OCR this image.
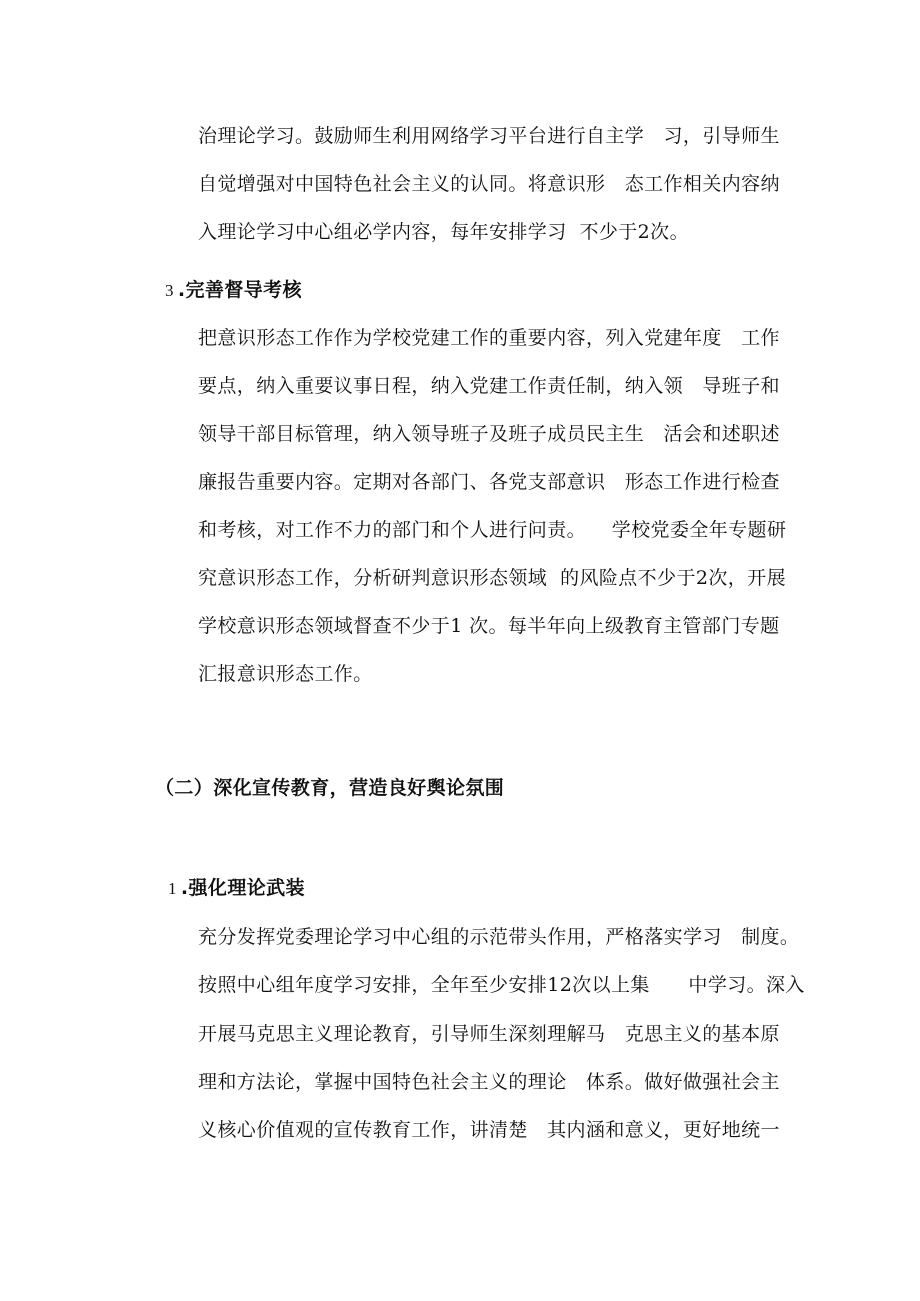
治理论学习。鼓励师生利用网络学习平台进行自主学   习，引导师生
自觉增强对中国特色社会主义的认同。将意识形   态工作相关内容纳
入理论学习中心组必学内容，每年安排学习  不少于2次。
3 .完善督导考核
把意识形态工作作为学校党建工作的重要内容，列入党建年度   工作
要点，纳入重要议事日程，纳入党建工作责任制，纳入领   导班子和
领导干部目标管理，纳入领导班子及班子成员民主生   活会和述职述
廉报告重要内容。定期对各部门、各党支部意识   形态工作进行检查
和考核，对工作不力的部门和个人进行问责。    学校党委全年专题研
究意识形态工作，分析研判意识形态领域  的风险点不少于2次，开展
学校意识形态领域督查不少于1 次。每半年向上级教育主管部门专题
汇报意识形态工作。
（二）深化宣传教育，营造良好舆论氛围
1 .强化理论武装
充分发挥党委理论学习中心组的示范带头作用，严格落实学习   制度。
按照中心组年度学习安排，全年至少安排12次以上集      中学习。深入
开展马克思主义理论教育，引导师生深刻理解马   克思主义的基本原
理和方法论，掌握中国特色社会主义的理论   体系。做好做强社会主
义核心价值观的宣传教育工作，讲清楚   其内涵和意义，更好地统一
